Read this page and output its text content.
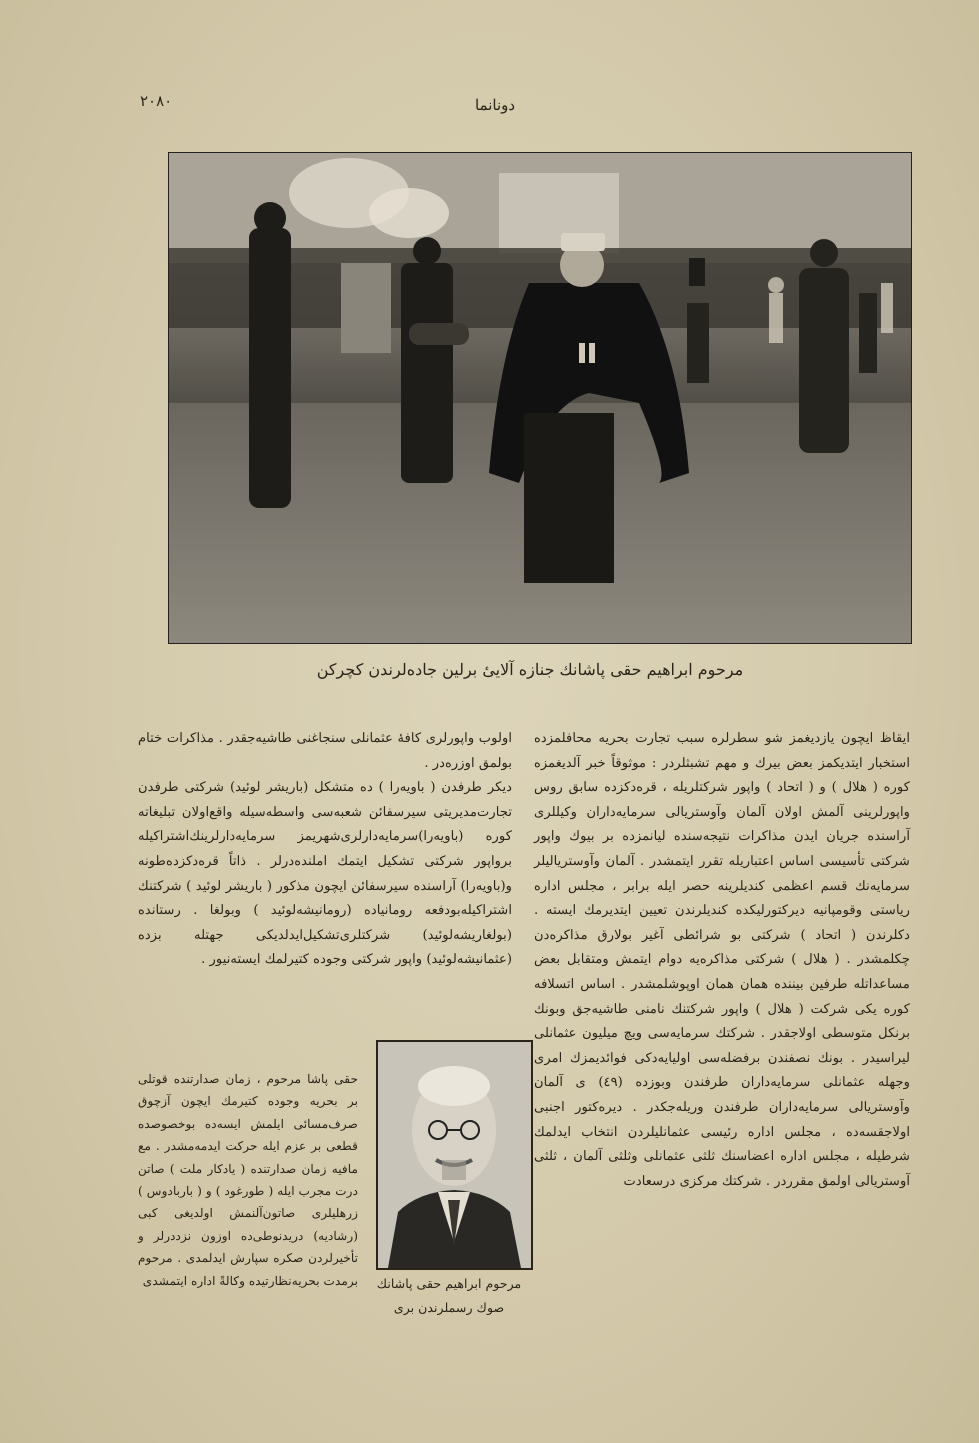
۲۰۸۰	دونانما
مرحوم ابراهیم حقی پاشانك جنازه آلاییٔ برلین جاده‌لرندن كچركن

ایقاظ ایچون یازدیغمز شو سطرلره سبب تجارت بحریه محافلمزده استخبار ایتدیكمز بعض بیرك و مهم تشبثلردر : موثوقاً خبر آلدیغمزه كوره ( هلال ) و ( اتحاد ) واپور شركتلریله ، قره‌دكزده سابق روس واپورلرینی آلمش اولان آلمان وآوستریالی سرمایه‌داران وكیللری آراسنده جریان ایدن مذاكرات نتیجه‌سنده لیانمزده بر بیوك واپور شركتی تأسیسی اساس اعتباریله تقرر ایتمشدر . آلمان وآوستریالیلر سرمایه‌نك قسم اعظمی كندیلرینه حصر ایله برابر ، مجلس اداره ریاستی وقومپانیه دیركتورلیكده كندیلرندن تعیین ایتدیرمك ایسته . دكلرندن ( اتحاد ) شركتی بو شرائطی آغیر بولارق مذاكره‌دن چكلمشدر . ( هلال ) شركتی مذاكره‌یه دوام ایتمش ومتقابل بعض مساعداتله طرفین بیننده همان همان اوپوشلمشدر . اساس اتسلافه كوره یكی شركت ( هلال ) واپور شركتنك نامنی طاشیه‌جق وبونك برنكل متوسطی اولاجقدر . شركتك سرمایه‌سی ویچ میلیون عثمانلی لیراسیدر . بونك نصفندن برفضله‌سی اولیایه‌دكی فوائدیمزك امری وجهله عثمانلی سرمایه‌داران طرفندن وبوزده (٤٩) ی آلمان وآوستریالی سرمایه‌داران طرفندن وریله‌جكدر . دیره‌كتور اجنبی اولاجقسه‌ده ، مجلس اداره رئیسی عثمانلیلردن انتخاب ایدلمك شرطیله ، مجلس اداره اعضاسنك ثلثی عثمانلی وثلثی آلمان ، ثلثی آوستریالی اولمق مقرردر . شركتك مركزی درسعادت

اولوب واپورلری كافه‌ٔ عثمانلی سنجاغنی طاشیه‌جقدر . مذاكرات ختام بولمق اوزره‌در .

دیكر طرفدن ( باویه‌را ) ده متشكل (باریشر لوئید) شركتی طرفدن تجارت‌مدیریتی سیرسفائن شعبه‌سی واسطه‌سیله واقع‌اولان تبلیغاته كوره (باویه‌را)سرمایه‌دارلری‌شهریمز سرمایه‌دارلرینك‌اشتراكیله برواپور شركتی تشكیل ایتمك املنده‌درلر . ذاتاً قره‌دكزده‌طونه و(باویه‌را) آراسنده سیرسفائن ایچون مذكور ( باریشر لوئید ) شركتنك اشتراكیله‌بودفعه رومانیاده (رومانیشه‌لوئید ) وبولغا . رستانده (بولغاریشه‌لوئید) شركتلری‌تشكیل‌ایدلدیكی جهتله بزده (عثمانیشه‌لوئید) واپور شركتی وجوده كتیرلمك ایسته‌نیور .

حقی پاشا مرحوم ، زمان صدارتنده قوتلی بر بحریه وجوده كتیرمك ایچون آزچوق صرف‌مسائی ایلمش ایسه‌ده بوخصوصده قطعی بر عزم ایله حركت ایدمه‌مشدر . مع مافیه زمان صدارتنده ( یادكار ملت ) صاتن درت مجرب ایله ( طورغود ) و ( باربادوس ) زرهلیلری صاتون‌آلنمش اولدیغی كبی (رشادیه) دریدنوطی‌ده اوزون نزددرلر و تأخیرلردن صكره سپارش ایدلمدی . مرحوم برمدت بحریه‌نظارتیده وكالةً اداره ایتمشدی	مرحوم ابراهیم حقی پاشانك
صوك رسملرندن بری
